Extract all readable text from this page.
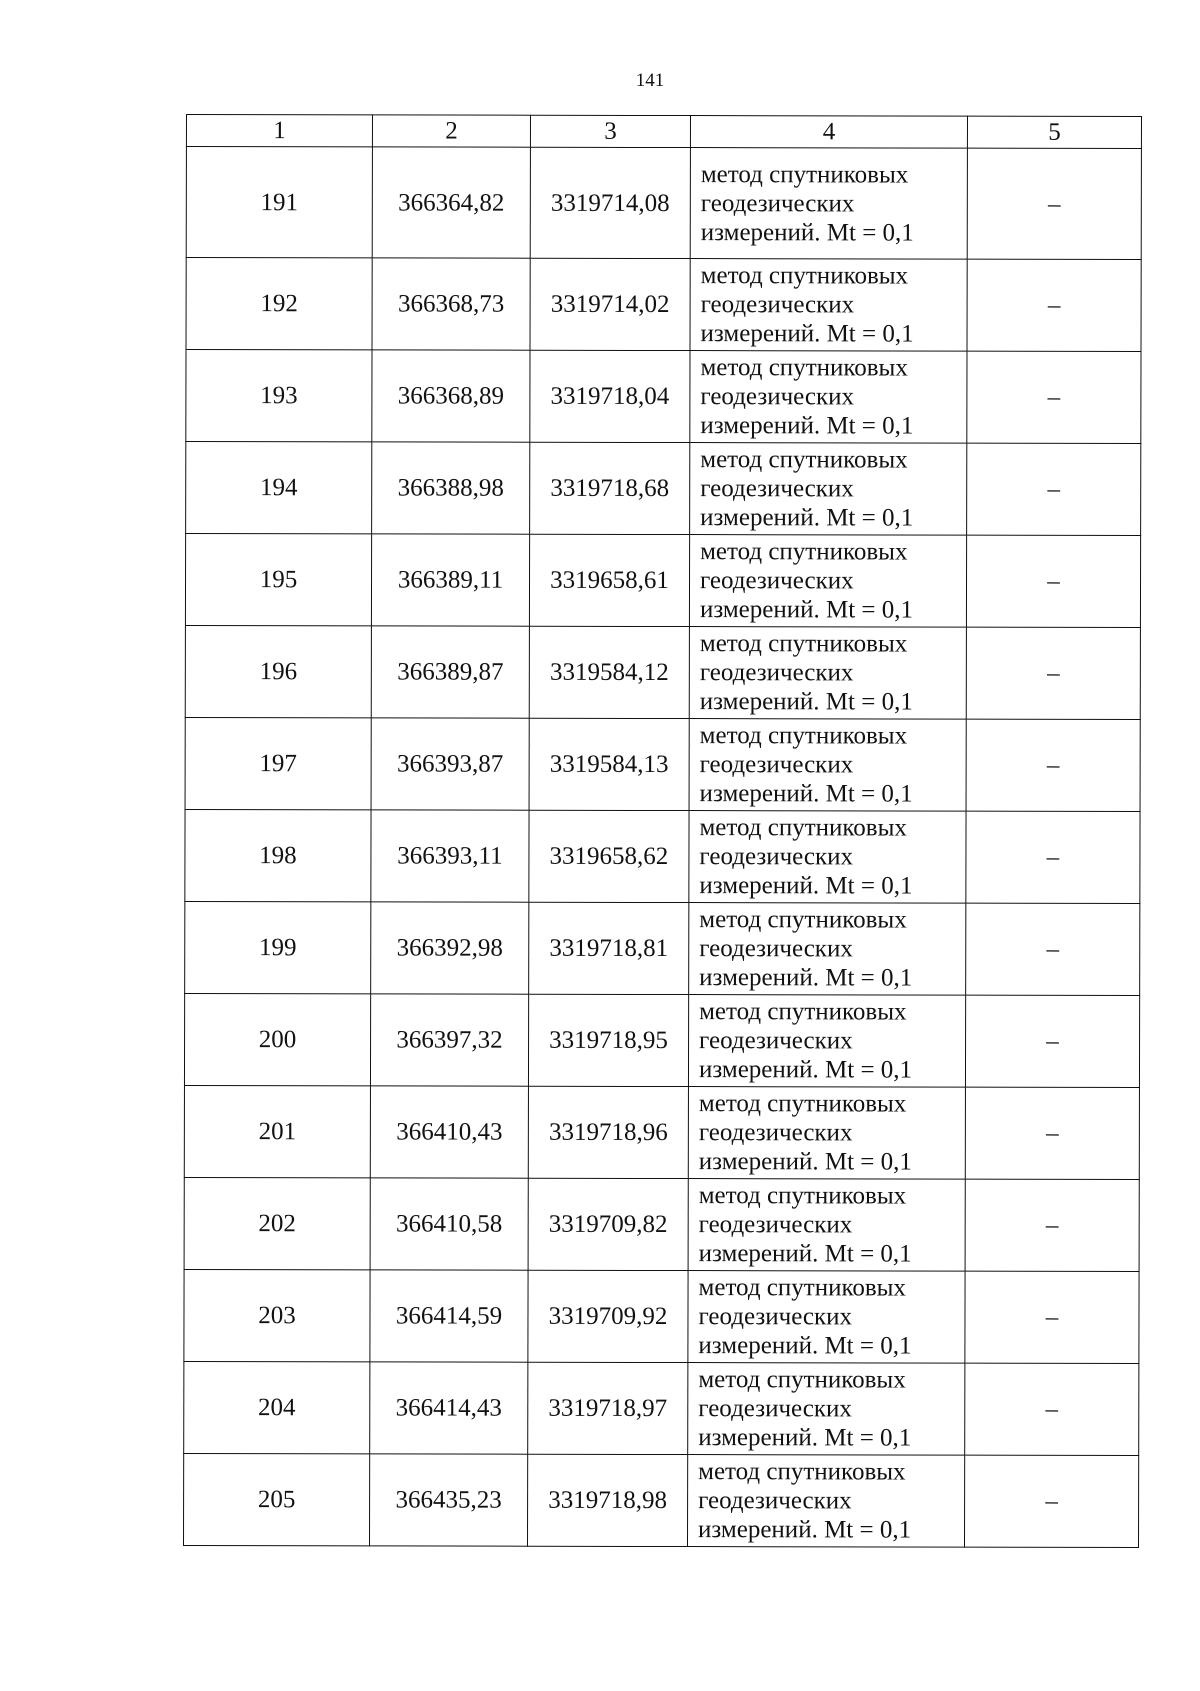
141
1	2	3	4	5
191	366364,82	3319714,08	метод спутниковых геодезических измерений. Mt = 0,1	–
192	366368,73	3319714,02	метод спутниковых геодезических измерений. Mt = 0,1	–
193	366368,89	3319718,04	метод спутниковых геодезических измерений. Mt = 0,1	–
194	366388,98	3319718,68	метод спутниковых геодезических измерений. Mt = 0,1	–
195	366389,11	3319658,61	метод спутниковых геодезических измерений. Mt = 0,1	–
196	366389,87	3319584,12	метод спутниковых геодезических измерений. Mt = 0,1	–
197	366393,87	3319584,13	метод спутниковых геодезических измерений. Mt = 0,1	–
198	366393,11	3319658,62	метод спутниковых геодезических измерений. Mt = 0,1	–
199	366392,98	3319718,81	метод спутниковых геодезических измерений. Mt = 0,1	–
200	366397,32	3319718,95	метод спутниковых геодезических измерений. Mt = 0,1	–
201	366410,43	3319718,96	метод спутниковых геодезических измерений. Mt = 0,1	–
202	366410,58	3319709,82	метод спутниковых геодезических измерений. Mt = 0,1	–
203	366414,59	3319709,92	метод спутниковых геодезических измерений. Mt = 0,1	–
204	366414,43	3319718,97	метод спутниковых геодезических измерений. Mt = 0,1	–
205	366435,23	3319718,98	метод спутниковых геодезических измерений. Mt = 0,1	–
